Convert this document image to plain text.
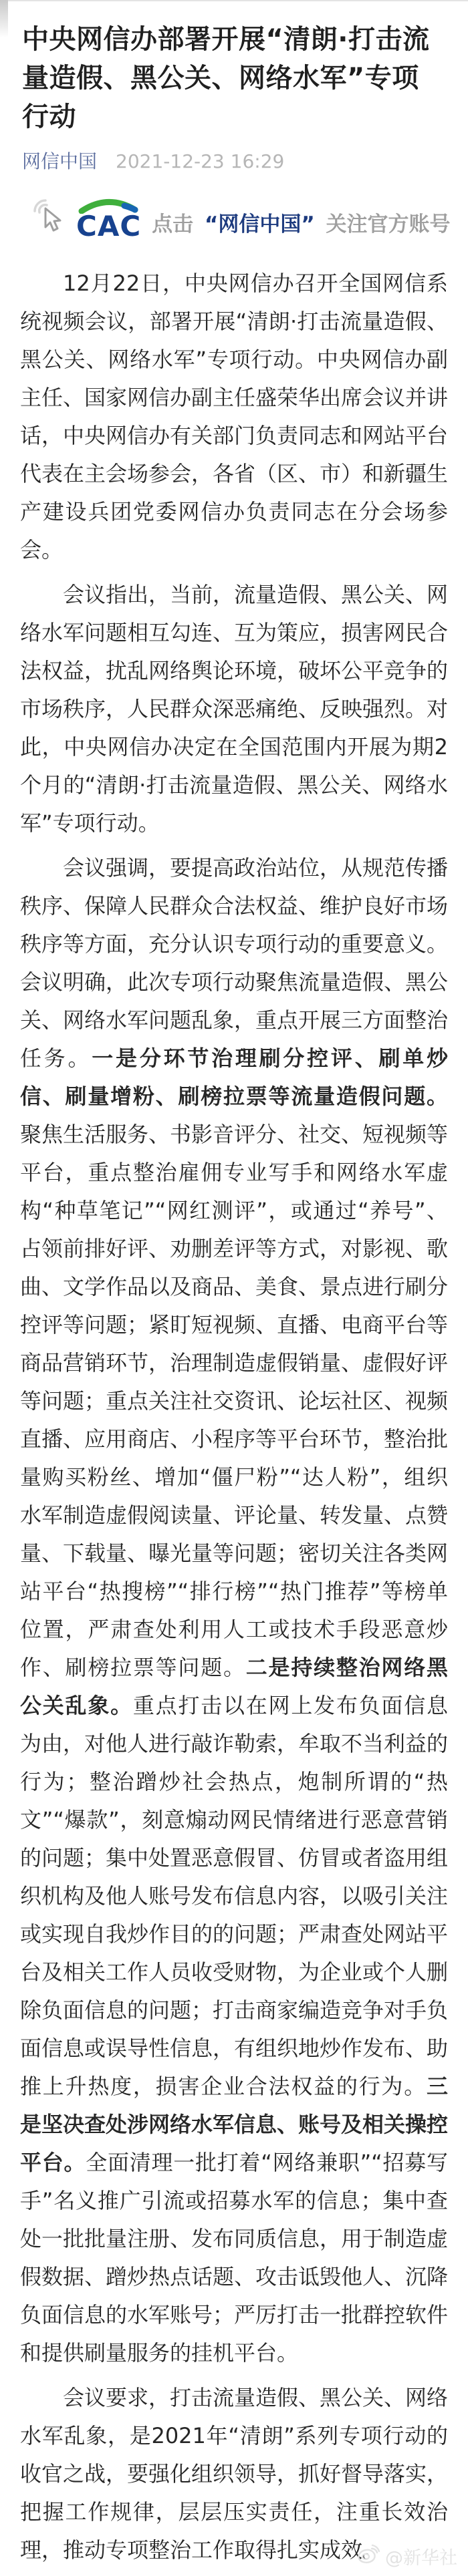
中央网信办部署开展“清朗·打击流量造假、黑公关、网络水军”专项行动
网信中国 2021-12-23 16:29
CAC 点击 “网信中国” 关注官方账号

12月22日，中央网信办召开全国网信系统视频会议，部署开展“清朗·打击流量造假、黑公关、网络水军”专项行动。中央网信办副主任、国家网信办副主任盛荣华出席会议并讲话，中央网信办有关部门负责同志和网站平台代表在主会场参会，各省（区、市）和新疆生产建设兵团党委网信办负责同志在分会场参会。

会议指出，当前，流量造假、黑公关、网络水军问题相互勾连、互为策应，损害网民合法权益，扰乱网络舆论环境，破坏公平竞争的市场秩序，人民群众深恶痛绝、反映强烈。对此，中央网信办决定在全国范围内开展为期2个月的“清朗·打击流量造假、黑公关、网络水军”专项行动。

会议强调，要提高政治站位，从规范传播秩序、保障人民群众合法权益、维护良好市场秩序等方面，充分认识专项行动的重要意义。会议明确，此次专项行动聚焦流量造假、黑公关、网络水军问题乱象，重点开展三方面整治任务。一是分环节治理刷分控评、刷单炒信、刷量增粉、刷榜拉票等流量造假问题。聚焦生活服务、书影音评分、社交、短视频等平台，重点整治雇佣专业写手和网络水军虚构“种草笔记”“网红测评”，或通过“养号”、占领前排好评、劝删差评等方式，对影视、歌曲、文学作品以及商品、美食、景点进行刷分控评等问题；紧盯短视频、直播、电商平台等商品营销环节，治理制造虚假销量、虚假好评等问题；重点关注社交资讯、论坛社区、视频直播、应用商店、小程序等平台环节，整治批量购买粉丝、增加“僵尸粉”“达人粉”，组织水军制造虚假阅读量、评论量、转发量、点赞量、下载量、曝光量等问题；密切关注各类网站平台“热搜榜”“排行榜”“热门推荐”等榜单位置，严肃查处利用人工或技术手段恶意炒作、刷榜拉票等问题。二是持续整治网络黑公关乱象。重点打击以在网上发布负面信息为由，对他人进行敲诈勒索，牟取不当利益的行为；整治蹭炒社会热点，炮制所谓的“热文”“爆款”，刻意煽动网民情绪进行恶意营销的问题；集中处置恶意假冒、仿冒或者盗用组织机构及他人账号发布信息内容，以吸引关注或实现自我炒作目的的问题；严肃查处网站平台及相关工作人员收受财物，为企业或个人删除负面信息的问题；打击商家编造竞争对手负面信息或误导性信息，有组织地炒作发布、助推上升热度，损害企业合法权益的行为。三是坚决查处涉网络水军信息、账号及相关操控平台。全面清理一批打着“网络兼职”“招募写手”名义推广引流或招募水军的信息；集中查处一批批量注册、发布同质信息，用于制造虚假数据、蹭炒热点话题、攻击诋毁他人、沉降负面信息的水军账号；严厉打击一批群控软件和提供刷量服务的挂机平台。

会议要求，打击流量造假、黑公关、网络水军乱象，是2021年“清朗”系列专项行动的收官之战，要强化组织领导，抓好督导落实，把握工作规律，层层压实责任，注重长效治理，推动专项整治工作取得扎实成效。 @新华社
